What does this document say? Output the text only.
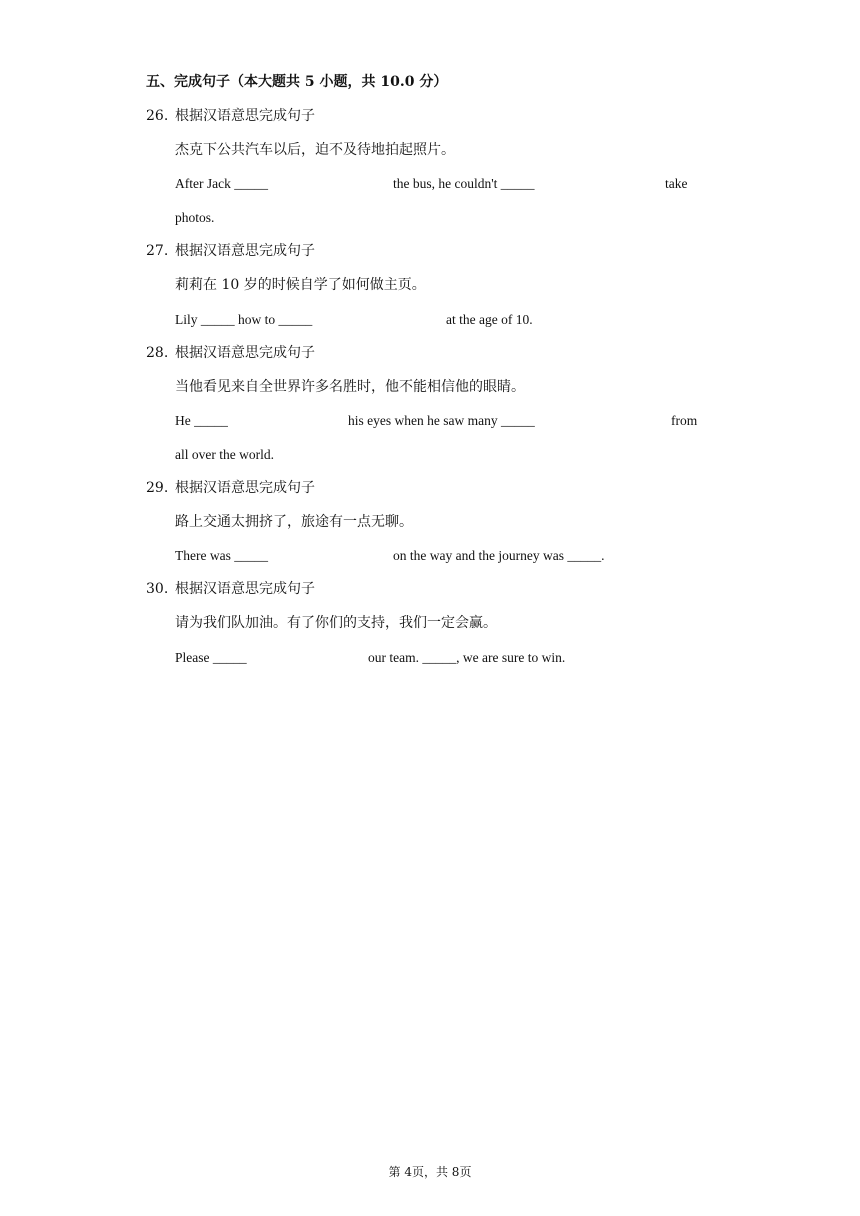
五、完成句子（本大题共 5 小题，共 10.0 分）
26. 根据汉语意思完成句子
杰克下公共汽车以后，迫不及待地拍起照片。
After Jack _____	the bus, he couldn't _____	take
photos.
27. 根据汉语意思完成句子
莉莉在 10 岁的时候自学了如何做主页。
Lily _____ how to _____	at the age of 10.
28. 根据汉语意思完成句子
当他看见来自全世界许多名胜时，他不能相信他的眼睛。
He _____	his eyes when he saw many _____	from
all over the world.
29. 根据汉语意思完成句子
路上交通太拥挤了，旅途有一点无聊。
There was _____	on the way and the journey was _____.
30. 根据汉语意思完成句子
请为我们队加油。有了你们的支持，我们一定会赢。
Please _____	our team. _____, we are sure to win.
第 4页，共 8页
